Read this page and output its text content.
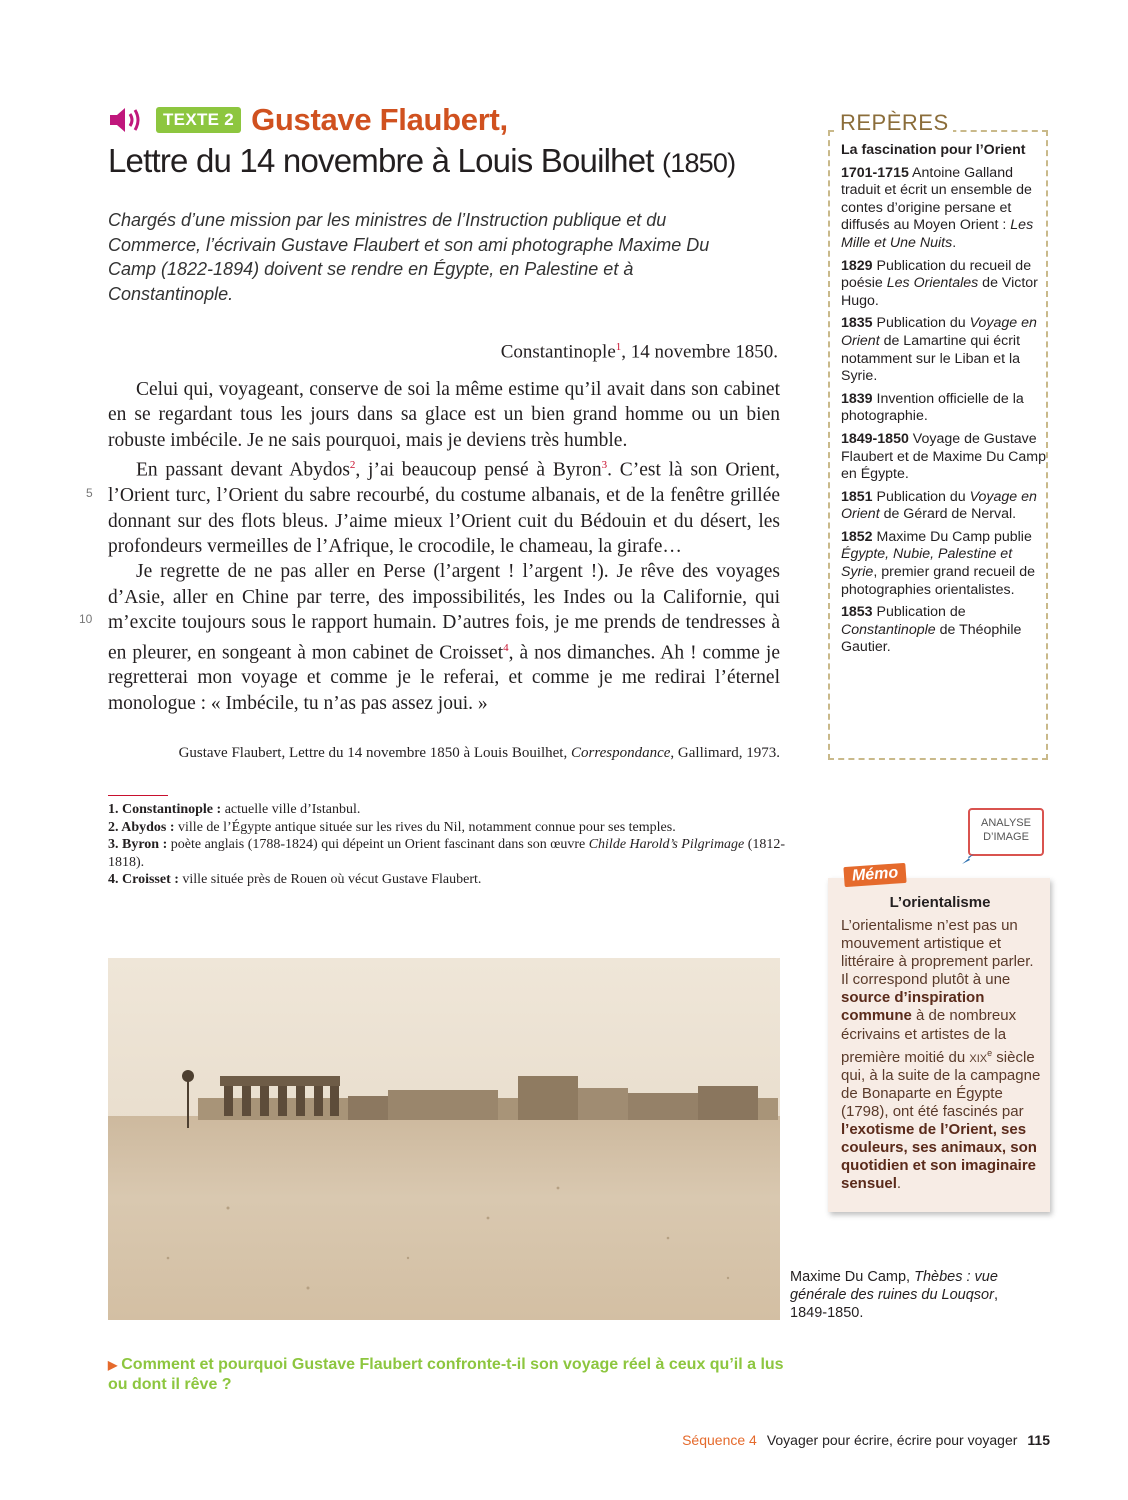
TEXTE 2 Gustave Flaubert,
Lettre du 14 novembre à Louis Bouilhet (1850)
Chargés d’une mission par les ministres de l’Instruction publique et du Commerce, l’écrivain Gustave Flaubert et son ami photographe Maxime Du Camp (1822-1894) doivent se rendre en Égypte, en Palestine et à Constantinople.
Constantinople$^1$, 14 novembre 1850.

Celui qui, voyageant, conserve de soi la même estime qu’il avait dans son cabinet en se regardant tous les jours dans sa glace est un bien grand homme ou un bien robuste imbécile. Je ne sais pourquoi, mais je deviens très humble.

En passant devant Abydos$^2$, j’ai beaucoup pensé à Byron$^3$. C’est là son Orient, l’Orient turc, l’Orient du sabre recourbé, du costume albanais, et de la fenêtre grillée donnant sur des flots bleus. J’aime mieux l’Orient cuit du Bédouin et du désert, les profondeurs vermeilles de l’Afrique, le crocodile, le chameau, la girafe…

Je regrette de ne pas aller en Perse (l’argent ! l’argent !). Je rêve des voyages d’Asie, aller en Chine par terre, des impossibilités, les Indes ou la Californie, qui m’excite toujours sous le rapport humain. D’autres fois, je me prends de tendresses à en pleurer, en songeant à mon cabinet de Croisset$^4$, à nos dimanches. Ah ! comme je regretterai mon voyage et comme je le referai, et comme je me redirai l’éternel monologue : « Imbécile, tu n’as pas assez joui. »

5
10
Gustave Flaubert, Lettre du 14 novembre 1850 à Louis Bouilhet, Correspondance, Gallimard, 1973.
1. Constantinople : actuelle ville d’Istanbul.
2. Abydos : ville de l’Égypte antique située sur les rives du Nil, notamment connue pour ses temples.
3. Byron : poète anglais (1788-1824) qui dépeint un Orient fascinant dans son œuvre Childe Harold’s Pilgrimage (1812-1818).
4. Croisset : ville située près de Rouen où vécut Gustave Flaubert.
REPÈRES
La fascination pour l’Orient
1701-1715 Antoine Galland traduit et écrit un ensemble de contes d’origine persane et diffusés au Moyen Orient : Les Mille et Une Nuits.
1829 Publication du recueil de poésie Les Orientales de Victor Hugo.
1835 Publication du Voyage en Orient de Lamartine qui écrit notamment sur le Liban et la Syrie.
1839 Invention officielle de la photographie.
1849-1850 Voyage de Gustave Flaubert et de Maxime Du Camp en Égypte.
1851 Publication du Voyage en Orient de Gérard de Nerval.
1852 Maxime Du Camp publie Égypte, Nubie, Palestine et Syrie, premier grand recueil de photographies orientalistes.
1853 Publication de Constantinople de Théophile Gautier.
ANALYSE
D’IMAGE
Mémo
L’orientalisme
L’orientalisme n’est pas un mouvement artistique et littéraire à proprement parler. Il correspond plutôt à une source d’inspiration commune à de nombreux écrivains et artistes de la première moitié du xix$^e$ siècle qui, à la suite de la campagne de Bonaparte en Égypte (1798), ont été fascinés par l’exotisme de l’Orient, ses couleurs, ses animaux, son quotidien et son imaginaire sensuel.
Maxime Du Camp, Thèbes : vue générale des ruines du Louqsor, 1849-1850.
▶ Comment et pourquoi Gustave Flaubert confronte-t-il son voyage réel à ceux qu’il a lus ou dont il rêve ?
Séquence 4 Voyager pour écrire, écrire pour voyager 115
